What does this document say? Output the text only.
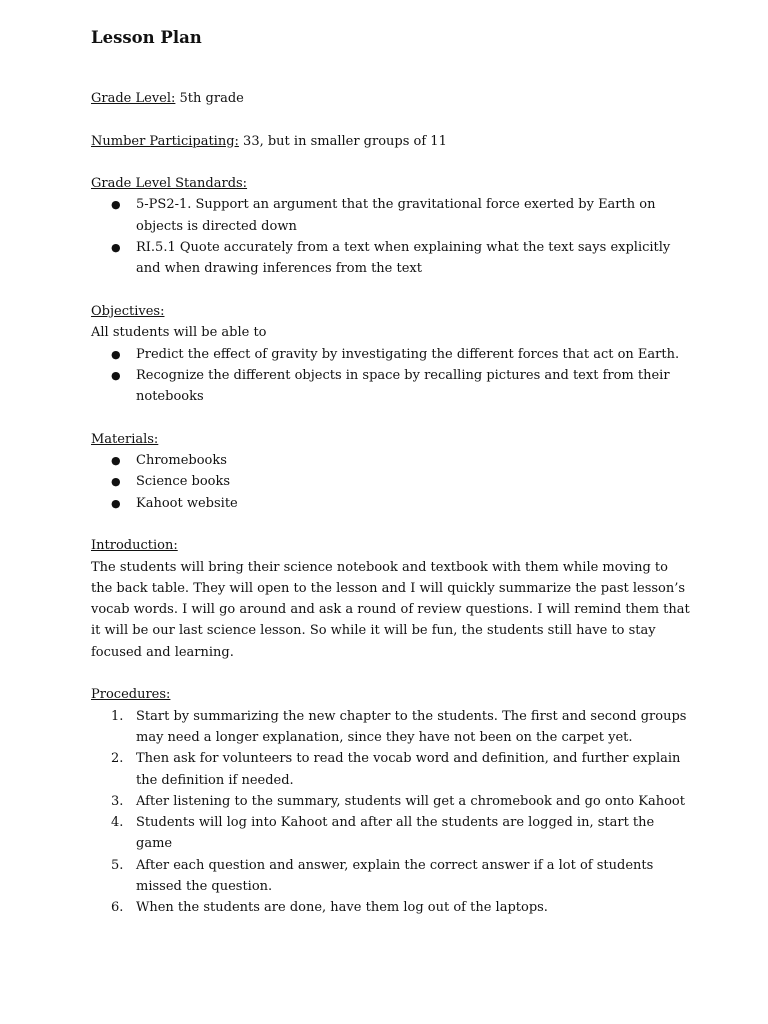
Lesson Plan
Grade Level: 5th grade
Number Participating: 33, but in smaller groups of 11
Grade Level Standards:
● 5-PS2-1. Support an argument that the gravitational force exerted by Earth on objects is directed down
● RI.5.1 Quote accurately from a text when explaining what the text says explicitly and when drawing inferences from the text
Objectives:

All students will be able to

● Predict the effect of gravity by investigating the different forces that act on Earth.
● Recognize the different objects in space by recalling pictures and text from their notebooks
Materials:
● Chromebooks
● Science books
● Kahoot website
Introduction:

The students will bring their science notebook and textbook with them while moving to the back table. They will open to the lesson and I will quickly summarize the past lesson’s vocab words. I will go around and ask a round of review questions. I will remind them that it will be our last science lesson. So while it will be fun, the students still have to stay focused and learning.

Procedures:
1. Start by summarizing the new chapter to the students. The first and second groups may need a longer explanation, since they have not been on the carpet yet.
2. Then ask for volunteers to read the vocab word and definition, and further explain the definition if needed.
3. After listening to the summary, students will get a chromebook and go onto Kahoot
4. Students will log into Kahoot and after all the students are logged in, start the game
5. After each question and answer, explain the correct answer if a lot of students missed the question.
6. When the students are done, have them log out of the laptops.
